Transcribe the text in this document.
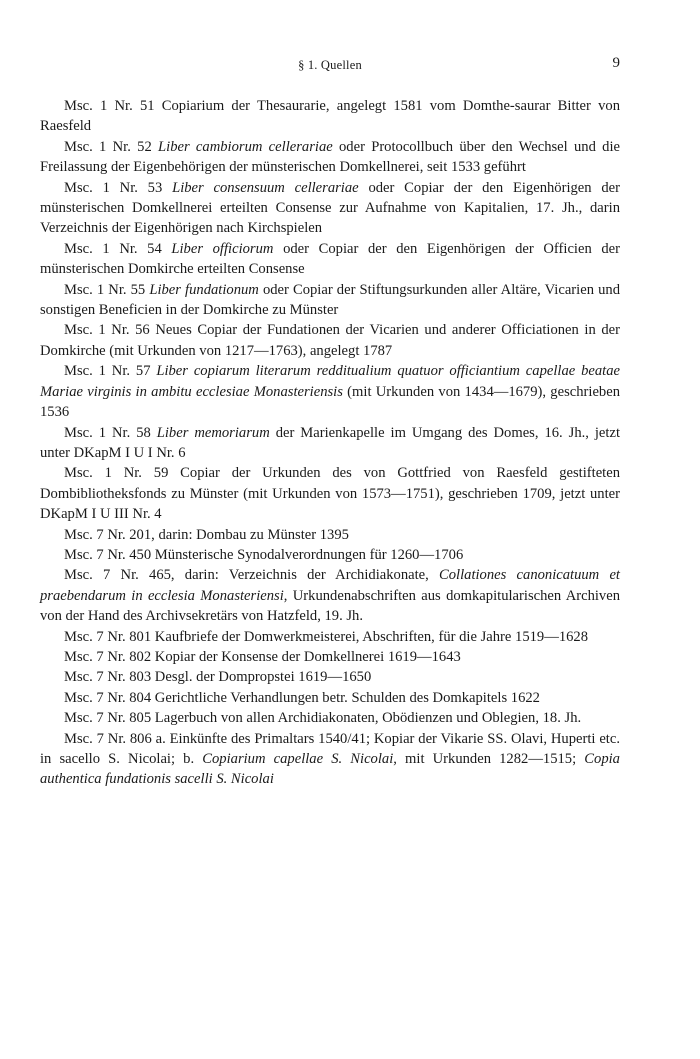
§ 1. Quellen	9

Msc. 1 Nr. 51 Copiarium der Thesaurarie, angelegt 1581 vom Domthe-saurar Bitter von Raesfeld

Msc. 1 Nr. 52 Liber cambiorum cellerariae oder Protocollbuch über den Wechsel und die Freilassung der Eigenbehörigen der münsterischen Domkellnerei, seit 1533 geführt

Msc. 1 Nr. 53 Liber consensuum cellerariae oder Copiar der den Eigenhörigen der münsterischen Domkellnerei erteilten Consense zur Aufnahme von Kapitalien, 17. Jh., darin Verzeichnis der Eigenhörigen nach Kirchspielen

Msc. 1 Nr. 54 Liber officiorum oder Copiar der den Eigenhörigen der Officien der münsterischen Domkirche erteilten Consense

Msc. 1 Nr. 55 Liber fundationum oder Copiar der Stiftungsurkunden aller Altäre, Vicarien und sonstigen Beneficien in der Domkirche zu Münster

Msc. 1 Nr. 56 Neues Copiar der Fundationen der Vicarien und anderer Officiationen in der Domkirche (mit Urkunden von 1217—1763), angelegt 1787

Msc. 1 Nr. 57 Liber copiarum literarum redditualium quatuor officiantium capellae beatae Mariae virginis in ambitu ecclesiae Monasteriensis (mit Urkunden von 1434—1679), geschrieben 1536

Msc. 1 Nr. 58 Liber memoriarum der Marienkapelle im Umgang des Domes, 16. Jh., jetzt unter DKapM I U I Nr. 6

Msc. 1 Nr. 59 Copiar der Urkunden des von Gottfried von Raesfeld gestifteten Dombibliotheksfonds zu Münster (mit Urkunden von 1573—1751), geschrieben 1709, jetzt unter DKapM I U III Nr. 4

Msc. 7 Nr. 201, darin: Dombau zu Münster 1395

Msc. 7 Nr. 450 Münsterische Synodalverordnungen für 1260—1706

Msc. 7 Nr. 465, darin: Verzeichnis der Archidiakonate, Collationes canonicatuum et praebendarum in ecclesia Monasteriensi, Urkundenabschriften aus domkapitularischen Archiven von der Hand des Archivsekretärs von Hatzfeld, 19. Jh.

Msc. 7 Nr. 801 Kaufbriefe der Domwerkmeisterei, Abschriften, für die Jahre 1519—1628

Msc. 7 Nr. 802 Kopiar der Konsense der Domkellnerei 1619—1643

Msc. 7 Nr. 803 Desgl. der Dompropstei 1619—1650

Msc. 7 Nr. 804 Gerichtliche Verhandlungen betr. Schulden des Domkapitels 1622

Msc. 7 Nr. 805 Lagerbuch von allen Archidiakonaten, Obödienzen und Oblegien, 18. Jh.

Msc. 7 Nr. 806 a. Einkünfte des Primaltars 1540/41; Kopiar der Vikarie SS. Olavi, Huperti etc. in sacello S. Nicolai; b. Copiarium capellae S. Nicolai, mit Urkunden 1282—1515; Copia authentica fundationis sacelli S. Nicolai
